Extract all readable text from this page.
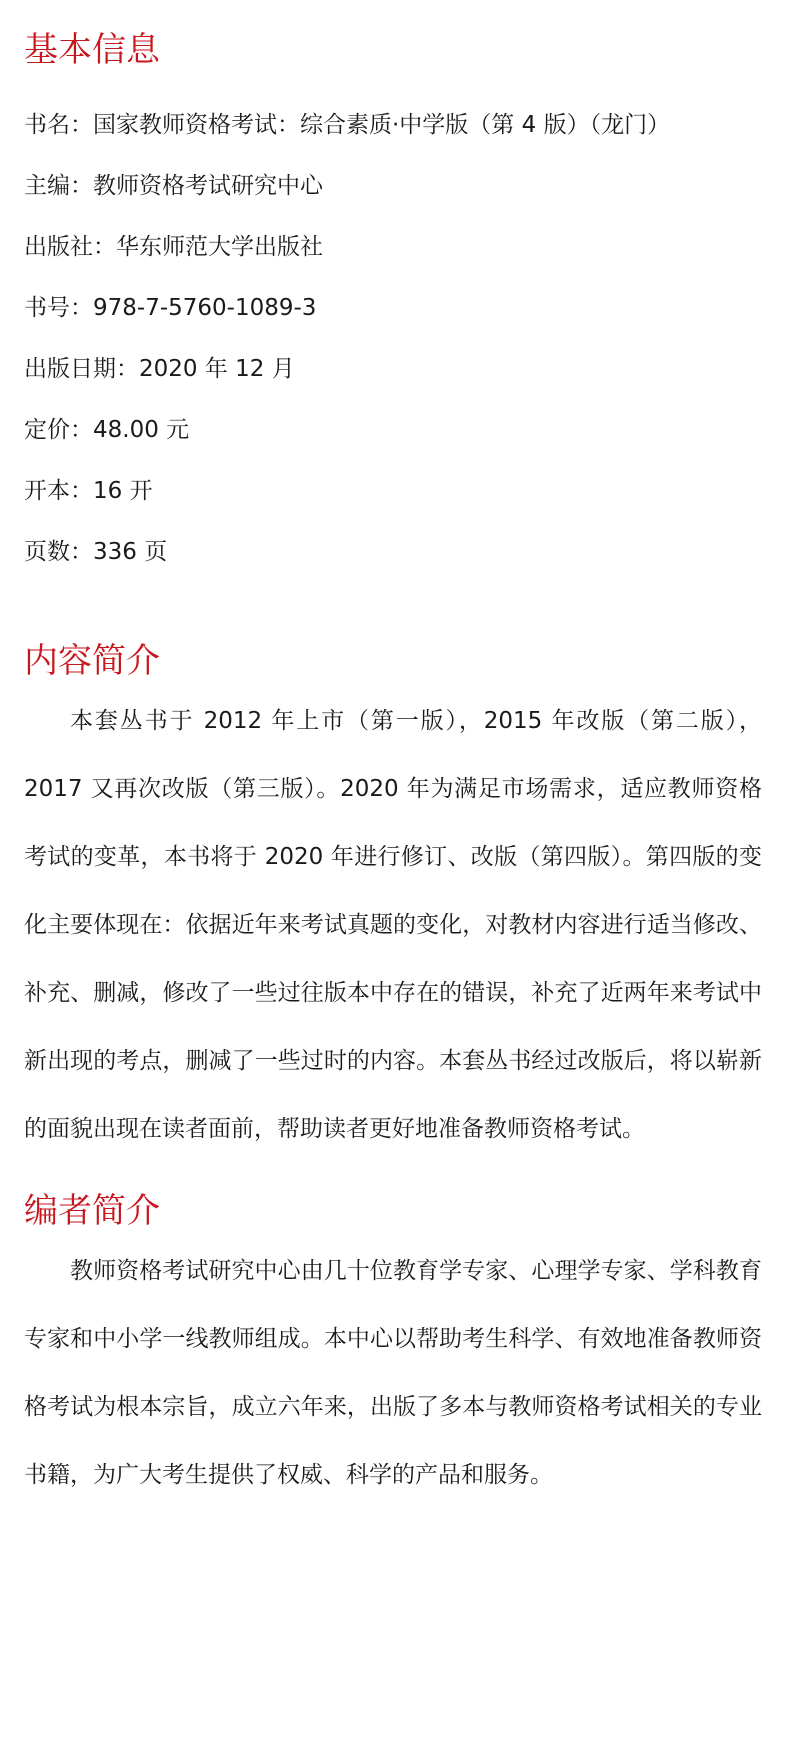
基本信息

书名：国家教师资格考试：综合素质·中学版（第 4 版）（龙门）

主编：教师资格考试研究中心

出版社：华东师范大学出版社

书号：978-7-5760-1089-3

出版日期：2020 年 12 月

定价：48.00 元

开本：16 开

页数：336 页

内容简介

本套丛书于 2012 年上市（第一版），2015 年改版（第二版），2017 又再次改版（第三版）。2020 年为满足市场需求，适应教师资格考试的变革，本书将于 2020 年进行修订、改版（第四版）。第四版的变化主要体现在：依据近年来考试真题的变化，对教材内容进行适当修改、补充、删减，修改了一些过往版本中存在的错误，补充了近两年来考试中新出现的考点，删减了一些过时的内容。本套丛书经过改版后，将以崭新的面貌出现在读者面前，帮助读者更好地准备教师资格考试。

编者简介

教师资格考试研究中心由几十位教育学专家、心理学专家、学科教育专家和中小学一线教师组成。本中心以帮助考生科学、有效地准备教师资格考试为根本宗旨，成立六年来，出版了多本与教师资格考试相关的专业书籍，为广大考生提供了权威、科学的产品和服务。
